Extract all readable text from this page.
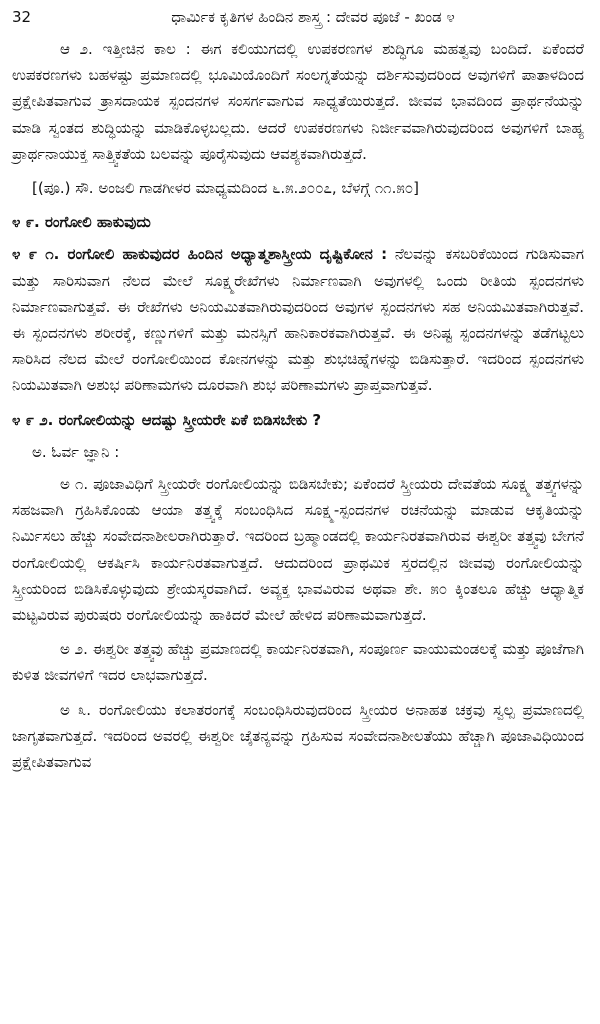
32	ಧಾರ್ಮಿಕ ಕೃತಿಗಳ ಹಿಂದಿನ ಶಾಸ್ತ್ರ : ದೇವರ ಪೂಜೆ - ಖಂಡ ೪

ಆ ೨. ಇತ್ತೀಚಿನ ಕಾಲ : ಈಗ ಕಲಿಯುಗದಲ್ಲಿ ಉಪಕರಣಗಳ ಶುದ್ಧಿಗೂ ಮಹತ್ವವು ಬಂದಿದೆ. ಏಕೆಂದರೆ ಉಪಕರಣಗಳು ಬಹಳಷ್ಟು ಪ್ರಮಾಣದಲ್ಲಿ ಭೂಮಿಯೊಂದಿಗೆ ಸಂಲಗ್ನತೆಯನ್ನು ದರ್ಶಿಸುವುದರಿಂದ ಅವುಗಳಿಗೆ ಪಾತಾಳದಿಂದ ಪ್ರಕ್ಷೇಪಿತವಾಗುವ ತ್ರಾಸದಾಯಕ ಸ್ಪಂದನಗಳ ಸಂಸರ್ಗವಾಗುವ ಸಾಧ್ಯತೆಯಿರುತ್ತದೆ. ಜೀವವ ಭಾವದಿಂದ ಪ್ರಾರ್ಥನೆಯನ್ನು ಮಾಡಿ ಸ್ವಂತದ ಶುದ್ಧಿಯನ್ನು ಮಾಡಿಕೊಳ್ಳಬಲ್ಲದು. ಆದರೆ ಉಪಕರಣಗಳು ನಿರ್ಜೀವವಾಗಿರುವುದರಿಂದ ಅವುಗಳಿಗೆ ಬಾಹ್ಯ ಪ್ರಾರ್ಥನಾಯುಕ್ತ ಸಾತ್ತ್ವಿಕತೆಯ ಬಲವನ್ನು ಪೂರೈಸುವುದು ಆವಶ್ಯಕವಾಗಿರುತ್ತದೆ.

[(ಪೂ.) ಸೌ. ಅಂಜಲಿ ಗಾಡಗೀಳರ ಮಾಧ್ಯಮದಿಂದ ೬.೫.೨೦೦೭, ಬೆಳಗ್ಗೆ ೧೧.೫೦]

೪ ೯. ರಂಗೋಲಿ ಹಾಕುವುದು

೪ ೯ ೧. ರಂಗೋಲಿ ಹಾಕುವುದರ ಹಿಂದಿನ ಅಧ್ಯಾತ್ಮಶಾಸ್ತ್ರೀಯ ದೃಷ್ಟಿಕೋನ : ನೆಲವನ್ನು ಕಸಬರಿಕೆಯಿಂದ ಗುಡಿಸುವಾಗ ಮತ್ತು ಸಾರಿಸುವಾಗ ನೆಲದ ಮೇಲೆ ಸೂಕ್ಷ್ಮರೇಖೆಗಳು ನಿರ್ಮಾಣವಾಗಿ ಅವುಗಳಲ್ಲಿ ಒಂದು ರೀತಿಯ ಸ್ಪಂದನಗಳು ನಿರ್ಮಾಣವಾಗುತ್ತವೆ. ಈ ರೇಖೆಗಳು ಅನಿಯಮಿತವಾಗಿರುವುದರಿಂದ ಅವುಗಳ ಸ್ಪಂದನಗಳು ಸಹ ಅನಿಯಮಿತವಾಗಿರುತ್ತವೆ. ಈ ಸ್ಪಂದನಗಳು ಶರೀರಕ್ಕೆ, ಕಣ್ಣುಗಳಿಗೆ ಮತ್ತು ಮನಸ್ಸಿಗೆ ಹಾನಿಕಾರಕವಾಗಿರುತ್ತವೆ. ಈ ಅನಿಷ್ಟ ಸ್ಪಂದನಗಳನ್ನು ತಡೆಗಟ್ಟಲು ಸಾರಿಸಿದ ನೆಲದ ಮೇಲೆ ರಂಗೋಲಿಯಿಂದ ಕೋನಗಳನ್ನು ಮತ್ತು ಶುಭಚಿಹ್ನೆಗಳನ್ನು ಬಿಡಿಸುತ್ತಾರೆ. ಇದರಿಂದ ಸ್ಪಂದನಗಳು ನಿಯಮಿತವಾಗಿ ಅಶುಭ ಪರಿಣಾಮಗಳು ದೂರವಾಗಿ ಶುಭ ಪರಿಣಾಮಗಳು ಪ್ರಾಪ್ತವಾಗುತ್ತವೆ.

೪ ೯ ೨. ರಂಗೋಲಿಯನ್ನು ಆದಷ್ಟು ಸ್ತ್ರೀಯರೇ ಏಕೆ ಬಿಡಿಸಬೇಕು ?
ಅ. ಓರ್ವ ಜ್ಞಾನಿ :

ಅ ೧. ಪೂಜಾವಿಧಿಗೆ ಸ್ತ್ರೀಯರೇ ರಂಗೋಲಿಯನ್ನು ಬಿಡಿಸಬೇಕು; ಏಕೆಂದರೆ ಸ್ತ್ರೀಯರು ದೇವತೆಯ ಸೂಕ್ಷ್ಮ ತತ್ತ್ವಗಳನ್ನು ಸಹಜವಾಗಿ ಗ್ರಹಿಸಿಕೊಂಡು ಆಯಾ ತತ್ತ್ವಕ್ಕೆ ಸಂಬಂಧಿಸಿದ ಸೂಕ್ಷ್ಮ-ಸ್ಪಂದನಗಳ ರಚನೆಯನ್ನು ಮಾಡುವ ಆಕೃತಿಯನ್ನು ನಿರ್ಮಿಸಲು ಹೆಚ್ಚು ಸಂವೇದನಾಶೀಲರಾಗಿರುತ್ತಾರೆ. ಇದರಿಂದ ಬ್ರಹ್ಮಾಂಡದಲ್ಲಿ ಕಾರ್ಯನಿರತವಾಗಿರುವ ಈಶ್ವರೀ ತತ್ತ್ವವು ಬೇಗನೆ ರಂಗೋಲಿಯಲ್ಲಿ ಆಕರ್ಷಿಸಿ ಕಾರ್ಯನಿರತವಾಗುತ್ತದೆ. ಆದುದರಿಂದ ಪ್ರಾಥಮಿಕ ಸ್ತರದಲ್ಲಿನ ಜೀವವು ರಂಗೋಲಿಯನ್ನು ಸ್ತ್ರೀಯರಿಂದ ಬಿಡಿಸಿಕೊಳ್ಳುವುದು ಶ್ರೇಯಸ್ಕರವಾಗಿದೆ. ಅವ್ಯಕ್ತ ಭಾವವಿರುವ ಅಥವಾ ಶೇ. ೫೦ ಕ್ಕಿಂತಲೂ ಹೆಚ್ಚು ಆಧ್ಯಾತ್ಮಿಕ ಮಟ್ಟವಿರುವ ಪುರುಷರು ರಂಗೋಲಿಯನ್ನು ಹಾಕಿದರೆ ಮೇಲೆ ಹೇಳಿದ ಪರಿಣಾಮವಾಗುತ್ತದೆ.

ಅ ೨. ಈಶ್ವರೀ ತತ್ತ್ವವು ಹೆಚ್ಚು ಪ್ರಮಾಣದಲ್ಲಿ ಕಾರ್ಯನಿರತವಾಗಿ, ಸಂಪೂರ್ಣ ವಾಯುಮಂಡಲಕ್ಕೆ ಮತ್ತು ಪೂಜೆಗಾಗಿ ಕುಳಿತ ಜೀವಗಳಿಗೆ ಇದರ ಲಾಭವಾಗುತ್ತದೆ.

ಅ ೩. ರಂಗೋಲಿಯು ಕಲಾತರಂಗಕ್ಕೆ ಸಂಬಂಧಿಸಿರುವುದರಿಂದ ಸ್ತ್ರೀಯರ ಅನಾಹತ ಚಕ್ರವು ಸ್ವಲ್ಪ ಪ್ರಮಾಣದಲ್ಲಿ ಜಾಗೃತವಾಗುತ್ತದೆ. ಇದರಿಂದ ಅವರಲ್ಲಿ ಈಶ್ವರೀ ಚೈತನ್ಯವನ್ನು ಗ್ರಹಿಸುವ ಸಂವೇದನಾಶೀಲತೆಯು ಹೆಚ್ಚಾಗಿ ಪೂಜಾವಿಧಿಯಿಂದ ಪ್ರಕ್ಷೇಪಿತವಾಗುವ
